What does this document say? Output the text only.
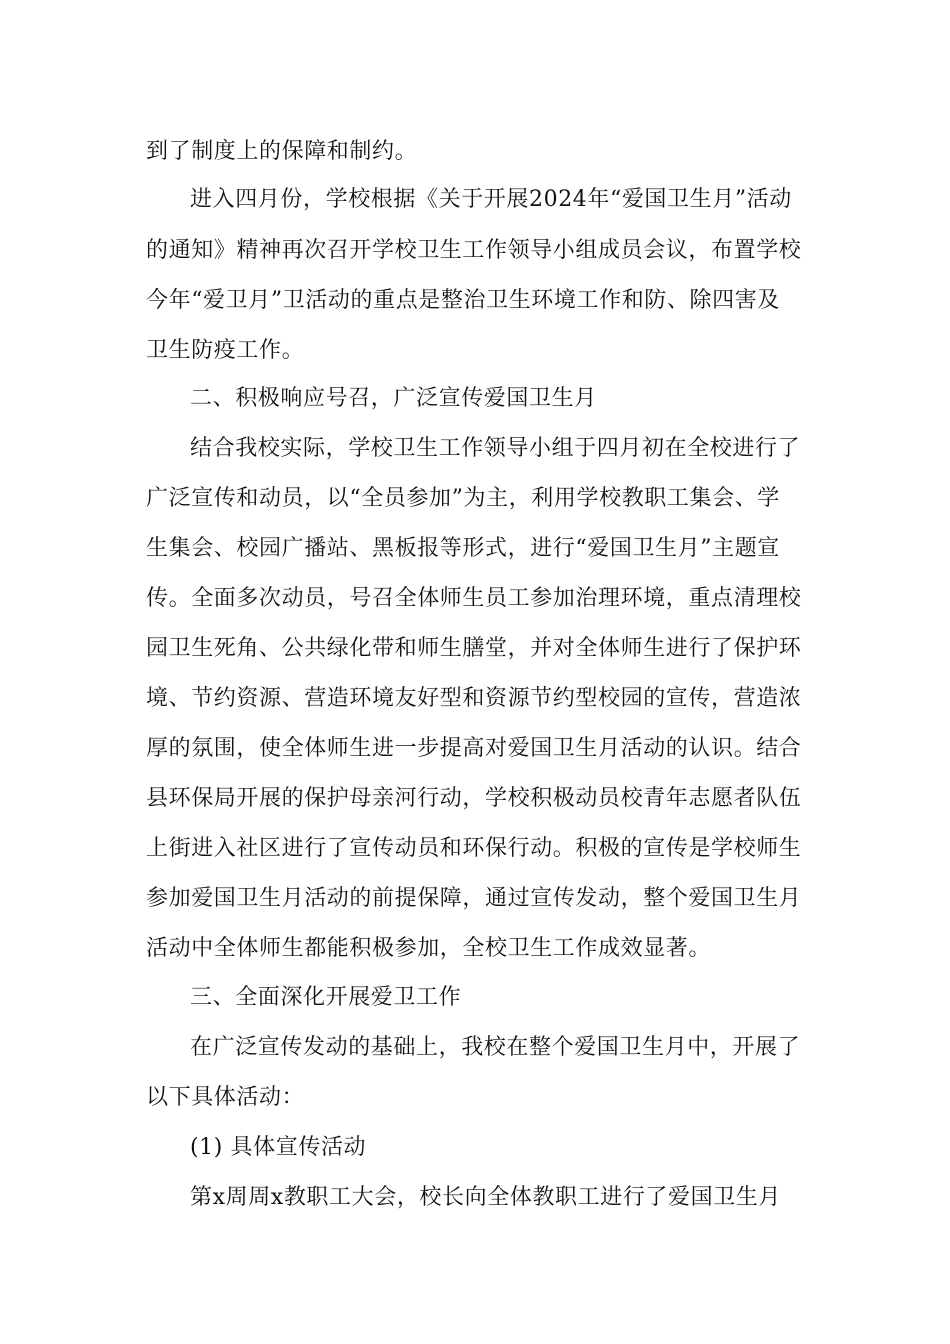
到了制度上的保障和制约。
进入四月份，学校根据《关于开展2024年“爱国卫生月”活动
的通知》精神再次召开学校卫生工作领导小组成员会议，布置学校
今年“爱卫月”卫活动的重点是整治卫生环境工作和防、除四害及
卫生防疫工作。
二、积极响应号召，广泛宣传爱国卫生月
结合我校实际，学校卫生工作领导小组于四月初在全校进行了
广泛宣传和动员，以“全员参加”为主，利用学校教职工集会、学
生集会、校园广播站、黑板报等形式，进行“爱国卫生月”主题宣
传。全面多次动员，号召全体师生员工参加治理环境，重点清理校
园卫生死角、公共绿化带和师生膳堂，并对全体师生进行了保护环
境、节约资源、营造环境友好型和资源节约型校园的宣传，营造浓
厚的氛围，使全体师生进一步提高对爱国卫生月活动的认识。结合
县环保局开展的保护母亲河行动，学校积极动员校青年志愿者队伍
上街进入社区进行了宣传动员和环保行动。积极的宣传是学校师生
参加爱国卫生月活动的前提保障，通过宣传发动，整个爱国卫生月
活动中全体师生都能积极参加，全校卫生工作成效显著。
三、全面深化开展爱卫工作
在广泛宣传发动的基础上，我校在整个爱国卫生月中，开展了
以下具体活动：
(1) 具体宣传活动
第x周周x教职工大会，校长向全体教职工进行了爱国卫生月
